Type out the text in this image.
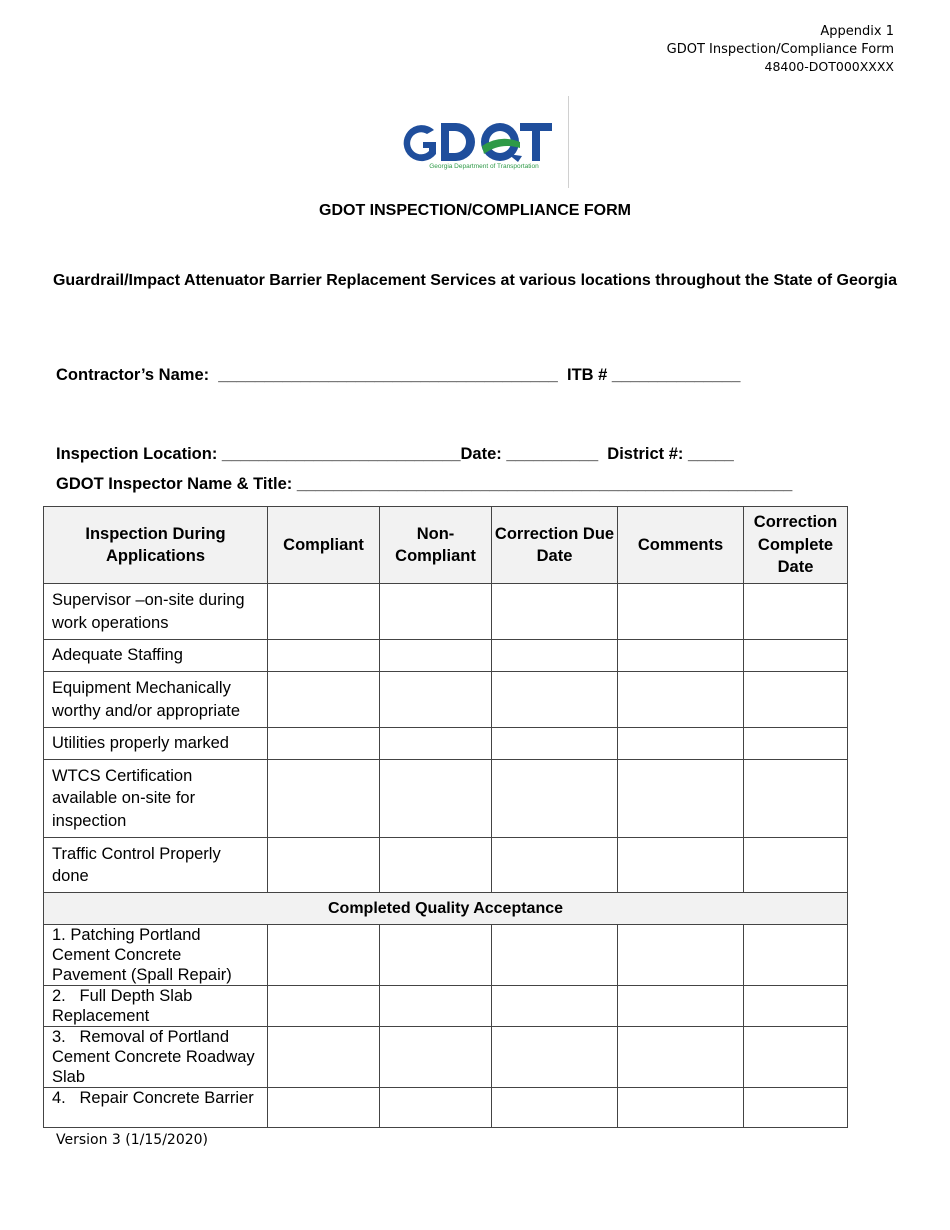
Appendix 1
GDOT Inspection/Compliance Form
48400-DOT000XXXX
Georgia Department of Transportation
GDOT INSPECTION/COMPLIANCE FORM
Guardrail/Impact Attenuator Barrier Replacement Services at various locations throughout the State of Georgia
Contractor’s Name:  _____________________________________  ITB # ______________
Inspection Location: __________________________Date: __________  District #: _____
GDOT Inspector Name & Title: ______________________________________________________
Inspection During Applications	Compliant	Non-Compliant	Correction Due Date	Comments	Correction Complete Date
Supervisor –on-site during work operations					
Adequate Staffing					
Equipment Mechanically worthy and/or appropriate					
Utilities properly marked					
WTCS Certification available on-site for inspection					
Traffic Control Properly done					
Completed Quality Acceptance					
1. Patching Portland Cement Concrete Pavement (Spall Repair)					
2.   Full Depth Slab Replacement					
3.   Removal of Portland Cement Concrete Roadway Slab					
4.   Repair Concrete Barrier					
Version 3 (1/15/2020)
